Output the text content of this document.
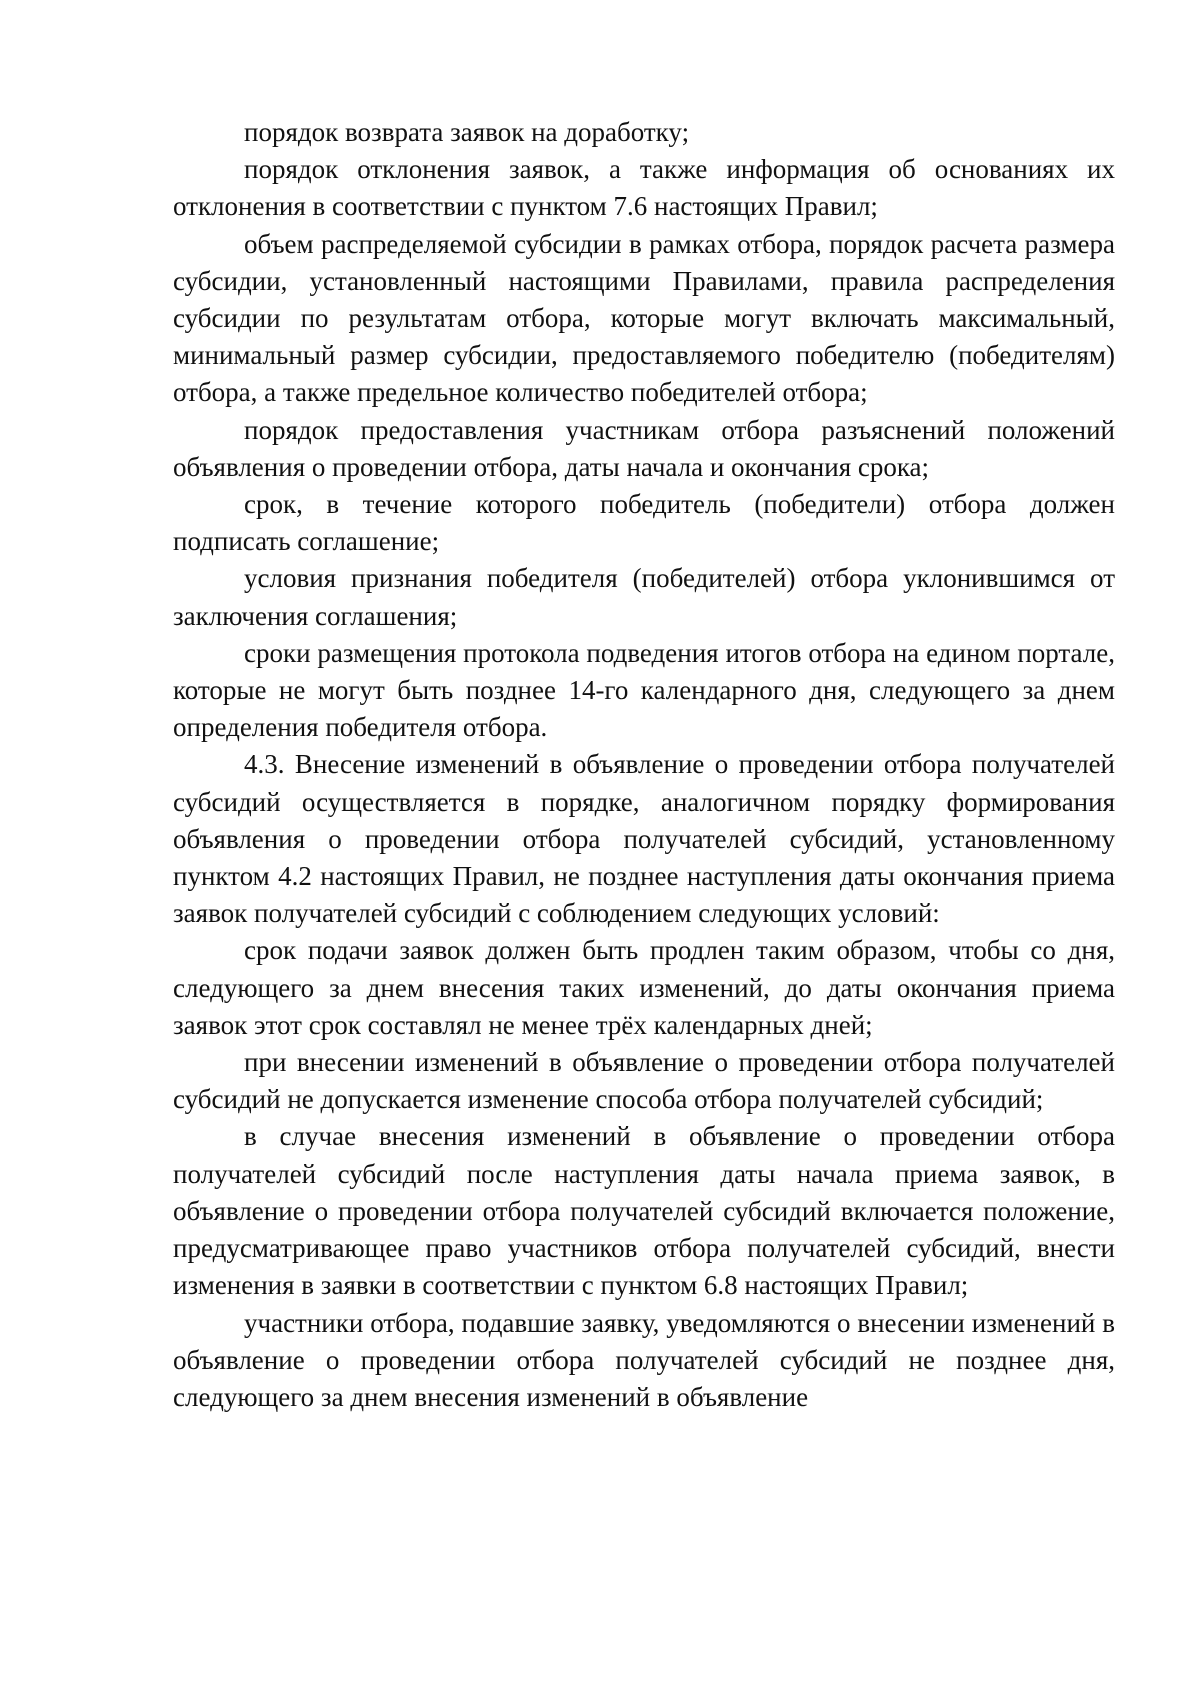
порядок возврата заявок на доработку;

порядок отклонения заявок, а также информация об основаниях их отклонения в соответствии с пунктом 7.6 настоящих Правил;

объем распределяемой субсидии в рамках отбора, порядок расчета размера субсидии, установленный настоящими Правилами, правила распределения субсидии по результатам отбора, которые могут включать максимальный, минимальный размер субсидии, предоставляемого победителю (победителям) отбора, а также предельное количество победителей отбора;

порядок предоставления участникам отбора разъяснений положений объявления о проведении отбора, даты начала и окончания срока;

срок, в течение которого победитель (победители) отбора должен подписать соглашение;

условия признания победителя (победителей) отбора уклонившимся от заключения соглашения;

сроки размещения протокола подведения итогов отбора на едином портале, которые не могут быть позднее 14-го календарного дня, следующего за днем определения победителя отбора.

4.3. Внесение изменений в объявление о проведении отбора получателей субсидий осуществляется в порядке, аналогичном порядку формирования объявления о проведении отбора получателей субсидий, установленному пунктом 4.2 настоящих Правил, не позднее наступления даты окончания приема заявок получателей субсидий с соблюдением следующих условий:

срок подачи заявок должен быть продлен таким образом, чтобы со дня, следующего за днем внесения таких изменений, до даты окончания приема заявок этот срок составлял не менее трёх календарных дней;

при внесении изменений в объявление о проведении отбора получателей субсидий не допускается изменение способа отбора получателей субсидий;

в случае внесения изменений в объявление о проведении отбора получателей субсидий после наступления даты начала приема заявок, в объявление о проведении отбора получателей субсидий включается положение, предусматривающее право участников отбора получателей субсидий, внести изменения в заявки в соответствии с пунктом 6.8 настоящих Правил;

участники отбора, подавшие заявку, уведомляются о внесении изменений в объявление о проведении отбора получателей субсидий не позднее дня, следующего за днем внесения изменений в объявление
